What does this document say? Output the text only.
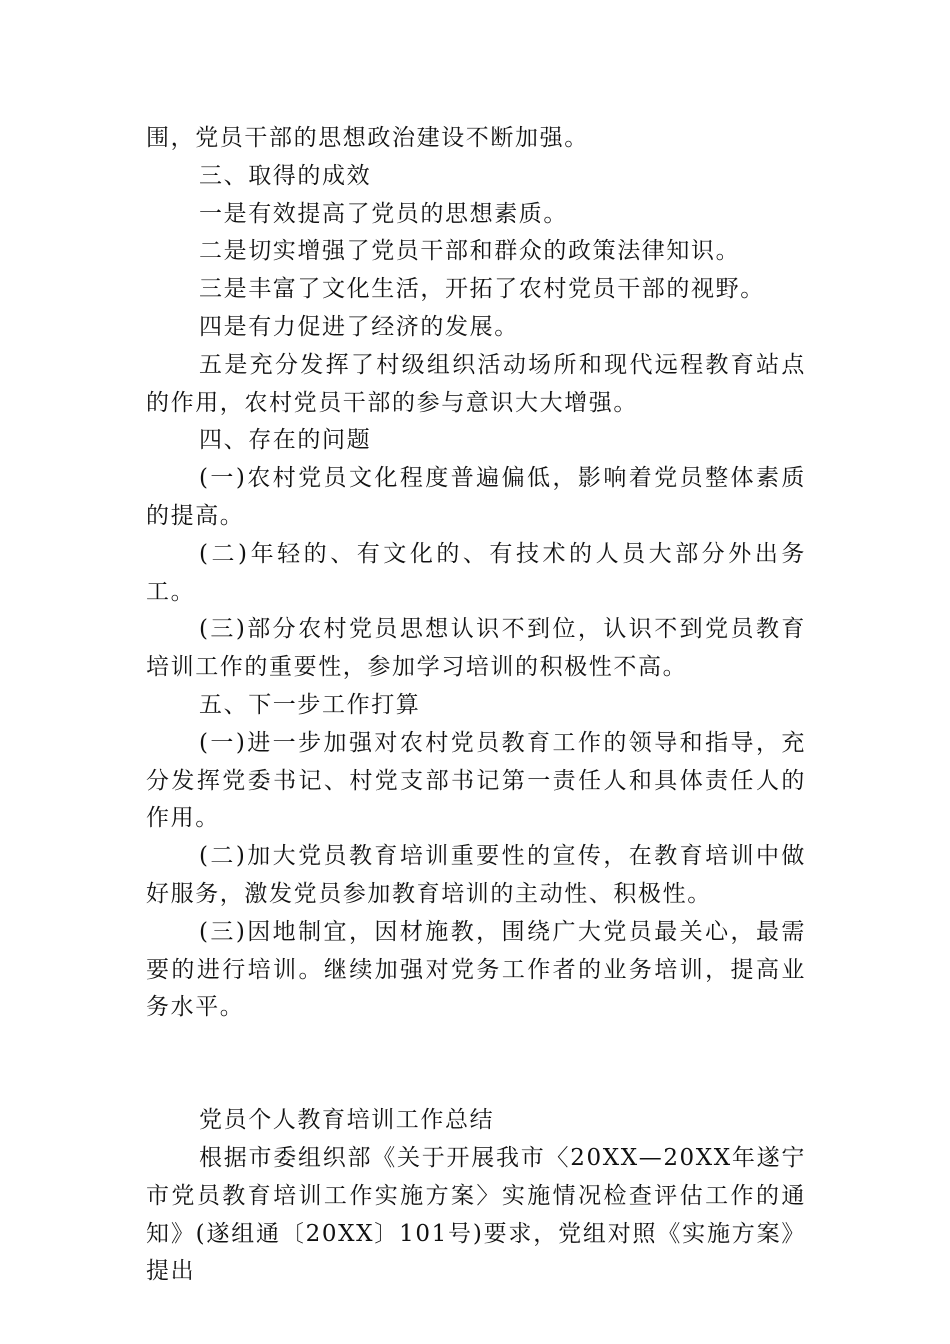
围，党员干部的思想政治建设不断加强。

三、取得的成效

一是有效提高了党员的思想素质。

二是切实增强了党员干部和群众的政策法律知识。

三是丰富了文化生活，开拓了农村党员干部的视野。

四是有力促进了经济的发展。

五是充分发挥了村级组织活动场所和现代远程教育站点的作用，农村党员干部的参与意识大大增强。

四、存在的问题

(一)农村党员文化程度普遍偏低，影响着党员整体素质的提高。

(二)年轻的、有文化的、有技术的人员大部分外出务工。

(三)部分农村党员思想认识不到位，认识不到党员教育培训工作的重要性，参加学习培训的积极性不高。

五、下一步工作打算

(一)进一步加强对农村党员教育工作的领导和指导，充分发挥党委书记、村党支部书记第一责任人和具体责任人的作用。

(二)加大党员教育培训重要性的宣传，在教育培训中做好服务，激发党员参加教育培训的主动性、积极性。

(三)因地制宜，因材施教，围绕广大党员最关心，最需要的进行培训。继续加强对党务工作者的业务培训，提高业务水平。

党员个人教育培训工作总结

根据市委组织部《关于开展我市〈20XX—20XX年遂宁市党员教育培训工作实施方案〉实施情况检查评估工作的通知》(遂组通〔20XX〕101号)要求，党组对照《实施方案》提出
